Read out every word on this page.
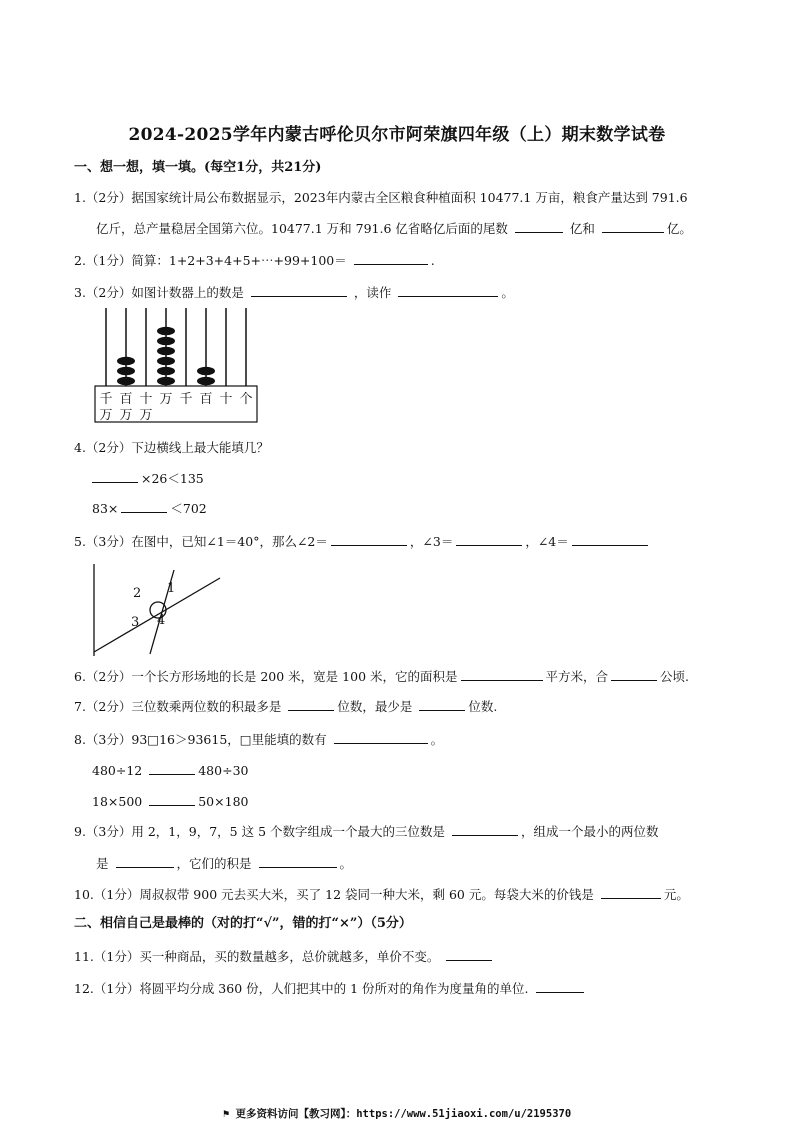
2024-2025学年内蒙古呼伦贝尔市阿荣旗四年级（上）期末数学试卷
一、想一想，填一填。(每空1分，共21分)
1.（2分）据国家统计局公布数据显示，2023年内蒙古全区粮食种植面积 10477.1 万亩，粮食产量达到 791.6
亿斤，总产量稳居全国第六位。10477.1 万和 791.6 亿省略亿后面的尾数	亿和	亿。
2.（1分）简算：1+2+3+4+5+⋯+99+100＝	.
3.（2分）如图计数器上的数是	，读作	。
千
万
百
万
十
万
万 千 百 十 个
4.（2分）下边横线上最大能填几？
×26＜135
83×	＜702
5.（3分）在图中，已知∠1＝40°，那么∠2＝	，∠3＝	，∠4＝
1
2
3 4
6.（2分）一个长方形场地的长是 200 米，宽是 100 米，它的面积是	平方米，合	公顷.
7.（2分）三位数乘两位数的积最多是	位数，最少是	位数.
8.（3分）93□16＞93615，□里能填的数有	。
480÷12	480÷30
18×500	50×180
9.（3分）用 2，1，9，7，5 这 5 个数字组成一个最大的三位数是	，组成一个最小的两位数
是	，它们的积是	。
10.（1分）周叔叔带 900 元去买大米，买了 12 袋同一种大米，剩 60 元。每袋大米的价钱是	元。
二、相信自己是最棒的（对的打“√”，错的打“×”）（5分）
11.（1分）买一种商品，买的数量越多，总价就越多，单价不变。
12.（1分）将圆平均分成 360 份，人们把其中的 1 份所对的角作为度量角的单位.
⚑ 更多资料访问【教习网】：https://www.51jiaoxi.com/u/2195370
